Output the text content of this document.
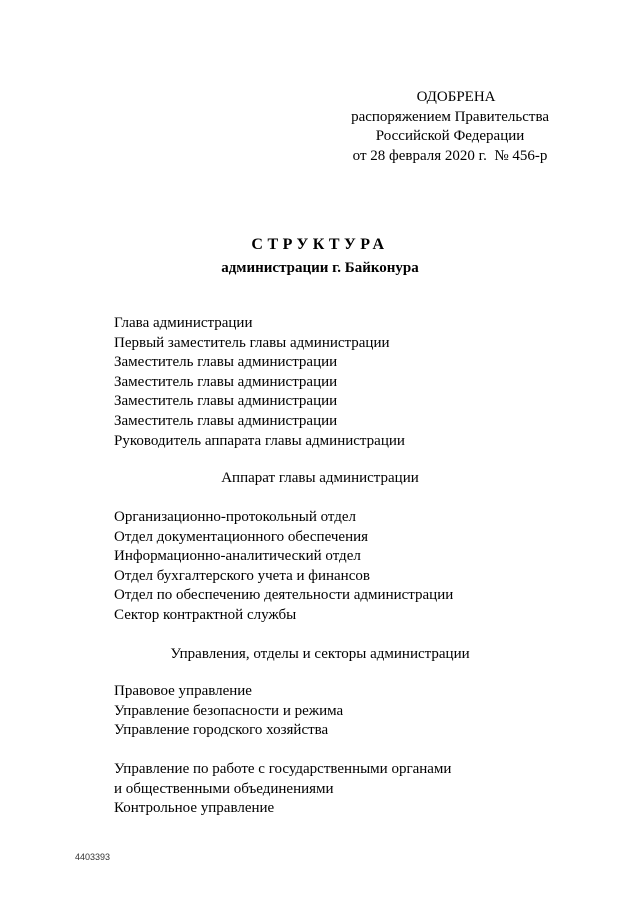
ОДОБРЕНА
распоряжением Правительства
Российской Федерации
от 28 февраля 2020 г. № 456-р
СТРУКТУРА
администрации г. Байконура
Глава администрации
Первый заместитель главы администрации
Заместитель главы администрации
Заместитель главы администрации
Заместитель главы администрации
Заместитель главы администрации
Руководитель аппарата главы администрации
Аппарат главы администрации
Организационно-протокольный отдел
Отдел документационного обеспечения
Информационно-аналитический отдел
Отдел бухгалтерского учета и финансов
Отдел по обеспечению деятельности администрации
Сектор контрактной службы
Управления, отделы и секторы администрации
Правовое управление
Управление безопасности и режима
Управление городского хозяйства
Управление по работе с государственными органами
и общественными объединениями
Контрольное управление
4403393
